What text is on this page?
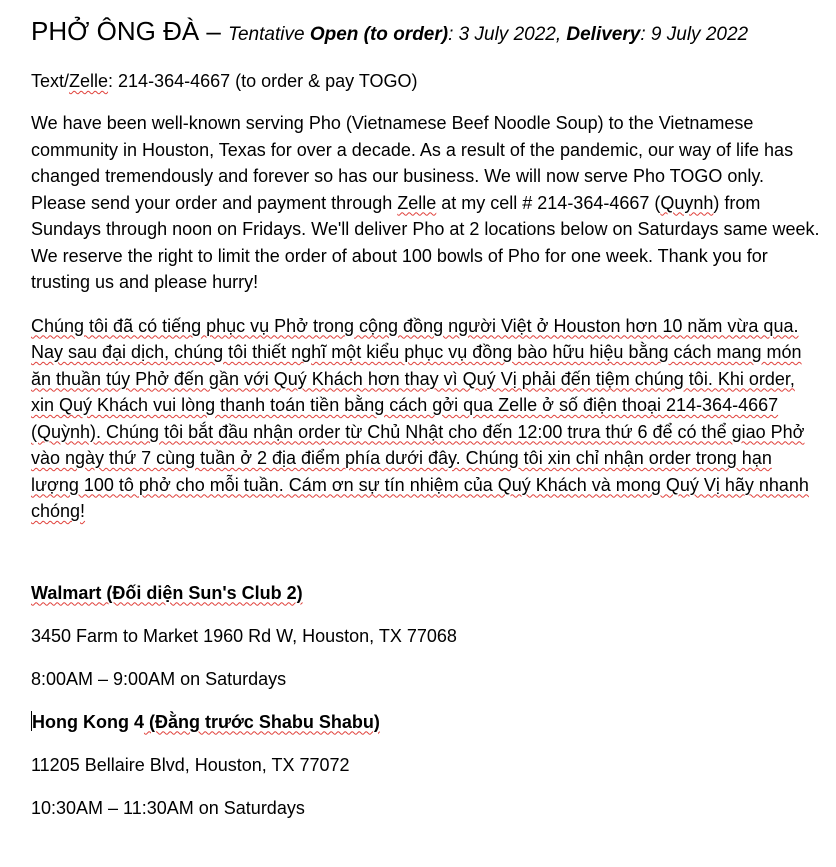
PHỞ ÔNG ĐÀ – Tentative Open (to order): 3 July 2022, Delivery: 9 July 2022
Text/Zelle: 214-364-4667 (to order & pay TOGO)
We have been well-known serving Pho (Vietnamese Beef Noodle Soup) to the Vietnamese community in Houston, Texas for over a decade. As a result of the pandemic, our way of life has changed tremendously and forever so has our business. We will now serve Pho TOGO only. Please send your order and payment through Zelle at my cell # 214-364-4667 (Quynh) from Sundays through noon on Fridays. We'll deliver Pho at 2 locations below on Saturdays same week. We reserve the right to limit the order of about 100 bowls of Pho for one week. Thank you for trusting us and please hurry!
Chúng tôi đã có tiếng phục vụ Phở trong cộng đồng người Việt ở Houston hơn 10 năm vừa qua. Nay sau đại dịch, chúng tôi thiết nghĩ một kiểu phục vụ đồng bào hữu hiệu bằng cách mang món ăn thuần túy Phở đến gần với Quý Khách hơn thay vì Quý Vị phải đến tiệm chúng tôi. Khi order, xin Quý Khách vui lòng thanh toán tiền bằng cách gởi qua Zelle ở số điện thoại 214-364-4667 (Quỳnh). Chúng tôi bắt đầu nhận order từ Chủ Nhật cho đến 12:00 trưa thứ 6 để có thể giao Phở vào ngày thứ 7 cùng tuần ở 2 địa điểm phía dưới đây. Chúng tôi xin chỉ nhận order trong hạn lượng 100 tô phở cho mỗi tuần. Cám ơn sự tín nhiệm của Quý Khách và mong Quý Vị hãy nhanh chóng!
Walmart (Đối diện Sun's Club 2)
3450 Farm to Market 1960 Rd W, Houston, TX 77068
8:00AM – 9:00AM on Saturdays
Hong Kong 4 (Đằng trước Shabu Shabu)
11205 Bellaire Blvd, Houston, TX 77072
10:30AM – 11:30AM on Saturdays
